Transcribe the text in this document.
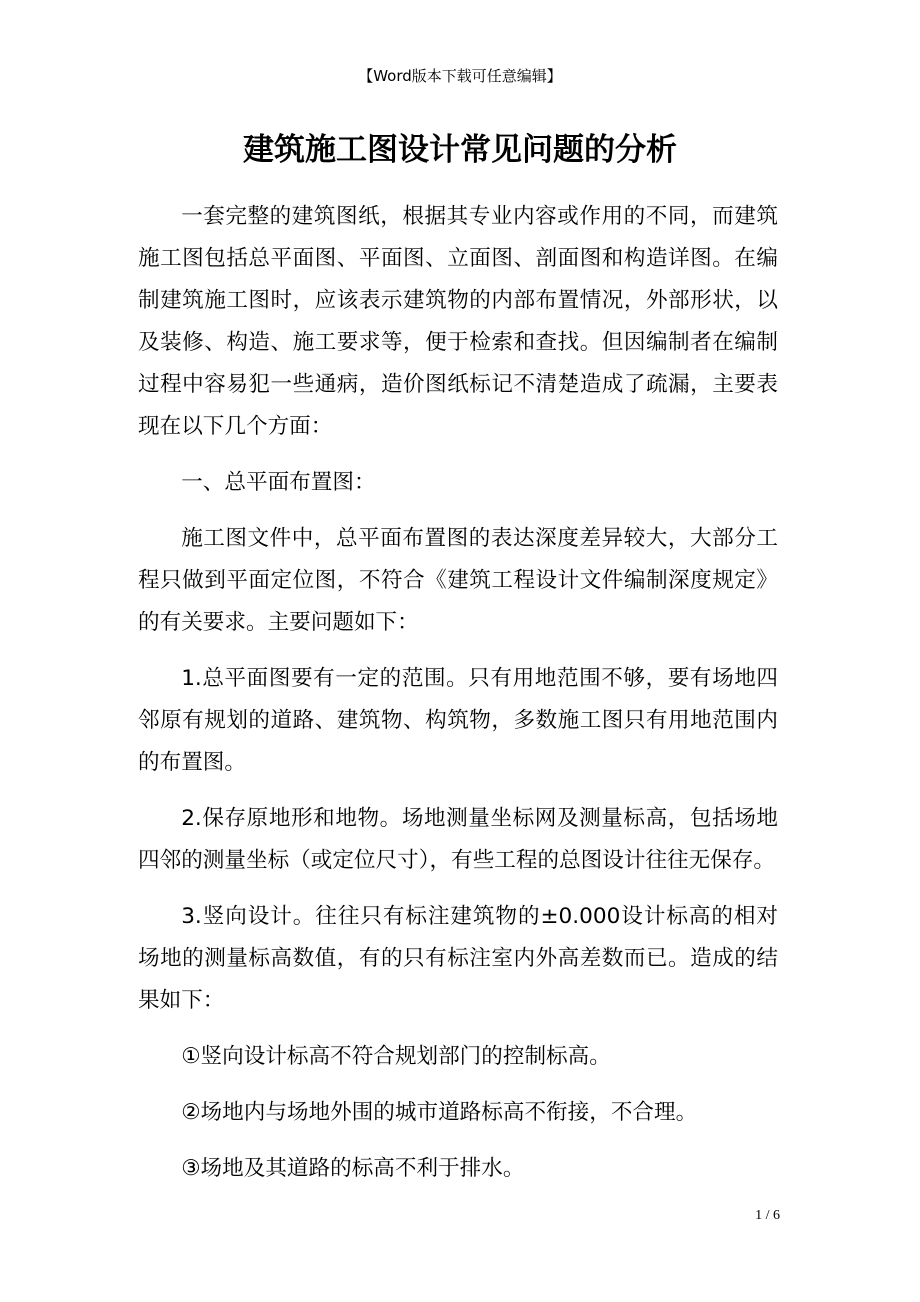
【Word版本下载可任意编辑】
建筑施工图设计常见问题的分析

一套完整的建筑图纸，根据其专业内容或作用的不同，而建筑施工图包括总平面图、平面图、立面图、剖面图和构造详图。在编制建筑施工图时，应该表示建筑物的内部布置情况，外部形状，以及装修、构造、施工要求等，便于检索和查找。但因编制者在编制过程中容易犯一些通病，造价图纸标记不清楚造成了疏漏，主要表现在以下几个方面：

一、总平面布置图：

施工图文件中，总平面布置图的表达深度差异较大，大部分工程只做到平面定位图，不符合《建筑工程设计文件编制深度规定》的有关要求。主要问题如下：

1.总平面图要有一定的范围。只有用地范围不够，要有场地四邻原有规划的道路、建筑物、构筑物，多数施工图只有用地范围内的布置图。

2.保存原地形和地物。场地测量坐标网及测量标高，包括场地四邻的测量坐标（或定位尺寸），有些工程的总图设计往往无保存。

3.竖向设计。往往只有标注建筑物的±0.000设计标高的相对场地的测量标高数值，有的只有标注室内外高差数而已。造成的结果如下：

①竖向设计标高不符合规划部门的控制标高。

②场地内与场地外围的城市道路标高不衔接，不合理。

③场地及其道路的标高不利于排水。

1 / 6
